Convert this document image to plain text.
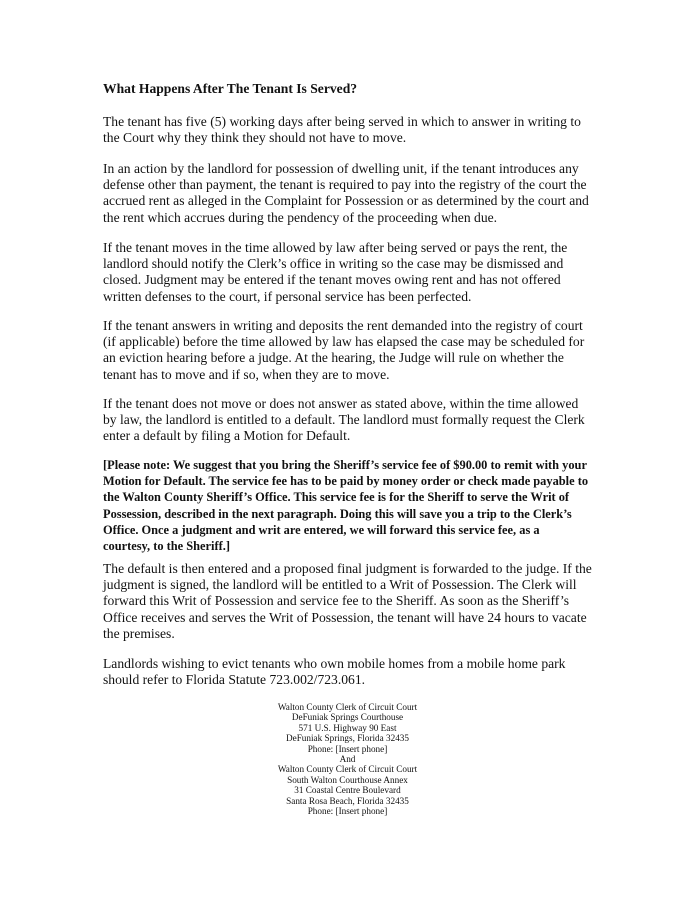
What Happens After The Tenant Is Served?

The tenant has five (5) working days after being served in which to answer in writing to
the Court why they think they should not have to move.

In an action by the landlord for possession of dwelling unit, if the tenant introduces any
defense other than payment, the tenant is required to pay into the registry of the court the
accrued rent as alleged in the Complaint for Possession or as determined by the court and
the rent which accrues during the pendency of the proceeding when due.

If the tenant moves in the time allowed by law after being served or pays the rent, the
landlord should notify the Clerk’s office in writing so the case may be dismissed and
closed. Judgment may be entered if the tenant moves owing rent and has not offered
written defenses to the court, if personal service has been perfected.

If the tenant answers in writing and deposits the rent demanded into the registry of court
(if applicable) before the time allowed by law has elapsed the case may be scheduled for
an eviction hearing before a judge. At the hearing, the Judge will rule on whether the
tenant has to move and if so, when they are to move.

If the tenant does not move or does not answer as stated above, within the time allowed
by law, the landlord is entitled to a default. The landlord must formally request the Clerk
enter a default by filing a Motion for Default.

[Please note: We suggest that you bring the Sheriff’s service fee of $90.00 to remit with your
Motion for Default. The service fee has to be paid by money order or check made payable to
the Walton County Sheriff’s Office. This service fee is for the Sheriff to serve the Writ of
Possession, described in the next paragraph. Doing this will save you a trip to the Clerk’s
Office. Once a judgment and writ are entered, we will forward this service fee, as a
courtesy, to the Sheriff.]

The default is then entered and a proposed final judgment is forwarded to the judge. If the
judgment is signed, the landlord will be entitled to a Writ of Possession. The Clerk will
forward this Writ of Possession and service fee to the Sheriff. As soon as the Sheriff’s
Office receives and serves the Writ of Possession, the tenant will have 24 hours to vacate
the premises.

Landlords wishing to evict tenants who own mobile homes from a mobile home park
should refer to Florida Statute 723.002/723.061.

Walton County Clerk of Circuit Court
DeFuniak Springs Courthouse
571 U.S. Highway 90 East
DeFuniak Springs, Florida 32435
Phone: [Insert phone]
And
Walton County Clerk of Circuit Court
South Walton Courthouse Annex
31 Coastal Centre Boulevard
Santa Rosa Beach, Florida 32435
Phone: [Insert phone]
